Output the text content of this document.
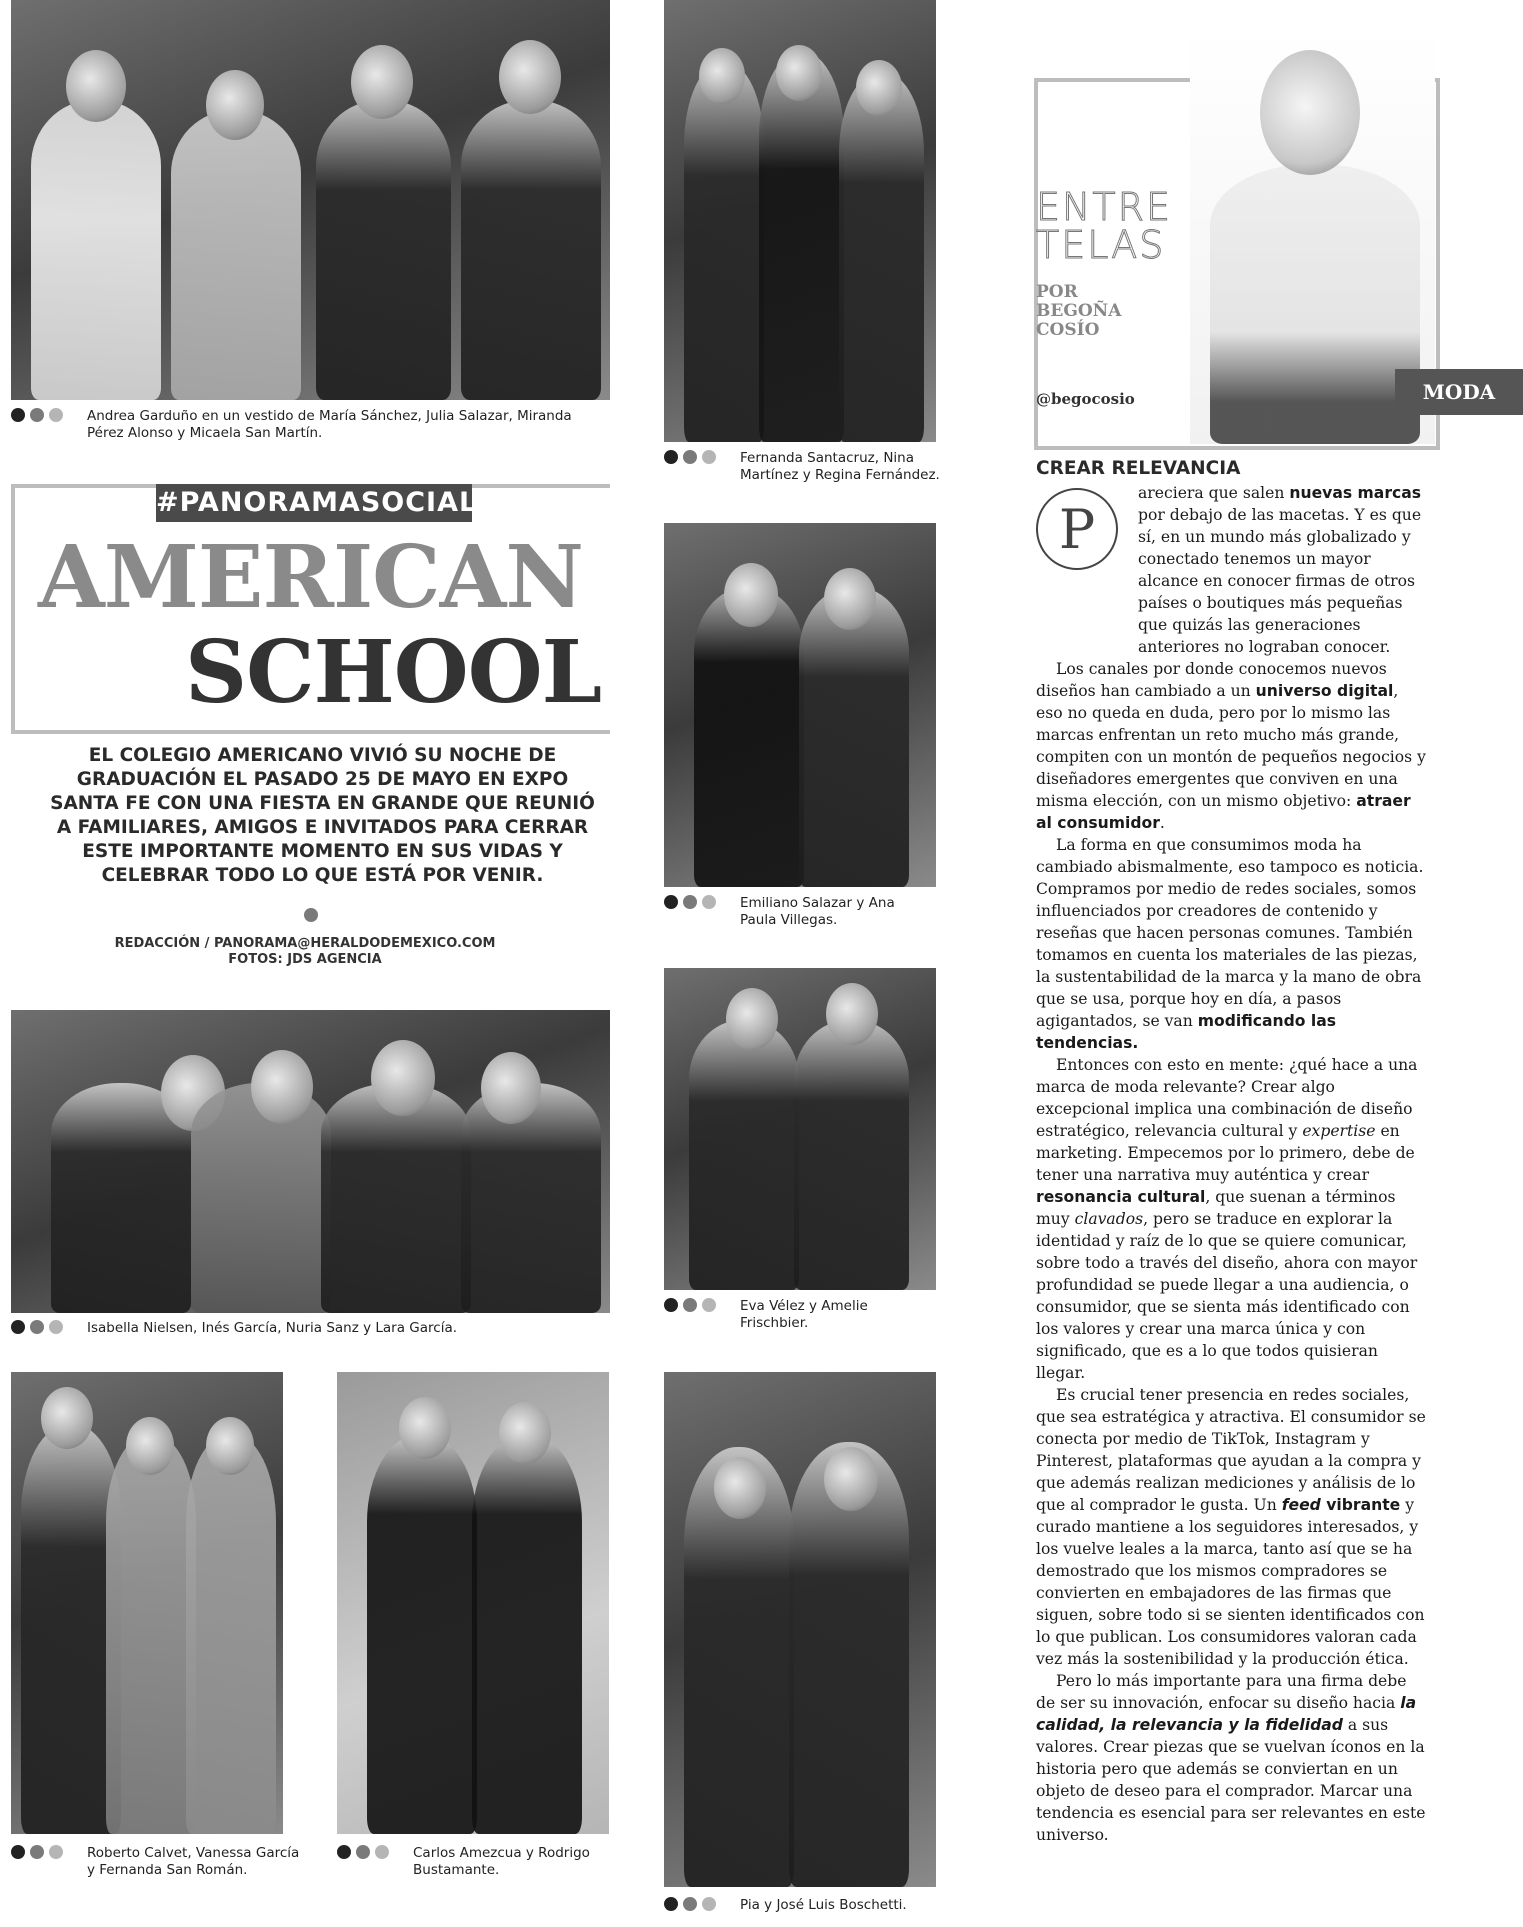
Andrea Garduño en un vestido de María Sánchez, Julia Salazar, Miranda Pérez Alonso y Micaela San Martín.
Fernanda Santacruz, Nina Martínez y Regina Fernández.
#PANORAMASOCIAL
AMERICAN
SCHOOL
EL COLEGIO AMERICANO VIVIÓ SU NOCHE DE GRADUACIÓN EL PASADO 25 DE MAYO EN EXPO SANTA FE CON UNA FIESTA EN GRANDE QUE REUNIÓ A FAMILIARES, AMIGOS E INVITADOS PARA CERRAR ESTE IMPORTANTE MOMENTO EN SUS VIDAS Y CELEBRAR TODO LO QUE ESTÁ POR VENIR.
REDACCIÓN / PANORAMA@HERALDODEMEXICO.COM
FOTOS: JDS AGENCIA
Emiliano Salazar y Ana Paula Villegas.
Isabella Nielsen, Inés García, Nuria Sanz y Lara García.
Eva Vélez y Amelie Frischbier.
Roberto Calvet, Vanessa García y Fernanda San Román.
Carlos Amezcua y Rodrigo Bustamante.
Pia y José Luis Boschetti.
ENTRE
TELAS
POR
BEGOÑA
COSÍO
@begocosio	MODA
CREAR RELEVANCIA
P

areciera que salen nuevas marcas por debajo de las macetas. Y es que sí, en un mundo más globalizado y conectado tenemos un mayor alcance en conocer firmas de otros países o boutiques más pequeñas que quizás las generaciones anteriores no lograban conocer.

Los canales por donde conocemos nuevos diseños han cambiado a un universo digital, eso no queda en duda, pero por lo mismo las marcas enfrentan un reto mucho más grande, compiten con un montón de pequeños negocios y diseñadores emergentes que conviven en una misma elección, con un mismo objetivo: atraer al consumidor.

La forma en que consumimos moda ha cambiado abismalmente, eso tampoco es noticia. Compramos por medio de redes sociales, somos influenciados por creadores de contenido y reseñas que hacen personas comunes. También tomamos en cuenta los materiales de las piezas, la sustentabilidad de la marca y la mano de obra que se usa, porque hoy en día, a pasos agigantados, se van modificando las tendencias.

Entonces con esto en mente: ¿qué hace a una marca de moda relevante? Crear algo excepcional implica una combinación de diseño estratégico, relevancia cultural y expertise en marketing. Empecemos por lo primero, debe de tener una narrativa muy auténtica y crear resonancia cultural, que suenan a términos muy clavados, pero se traduce en explorar la identidad y raíz de lo que se quiere comunicar, sobre todo a través del diseño, ahora con mayor profundidad se puede llegar a una audiencia, o consumidor, que se sienta más identificado con los valores y crear una marca única y con significado, que es a lo que todos quisieran llegar.

Es crucial tener presencia en redes sociales, que sea estratégica y atractiva. El consumidor se conecta por medio de TikTok, Instagram y Pinterest, plataformas que ayudan a la compra y que además realizan mediciones y análisis de lo que al comprador le gusta. Un feed vibrante y curado mantiene a los seguidores interesados, y los vuelve leales a la marca, tanto así que se ha demostrado que los mismos compradores se convierten en embajadores de las firmas que siguen, sobre todo si se sienten identificados con lo que publican. Los consumidores valoran cada vez más la sostenibilidad y la producción ética.

Pero lo más importante para una firma debe de ser su innovación, enfocar su diseño hacia la calidad, la relevancia y la fidelidad a sus valores. Crear piezas que se vuelvan íconos en la historia pero que además se conviertan en un objeto de deseo para el comprador. Marcar una tendencia es esencial para ser relevantes en este universo.
